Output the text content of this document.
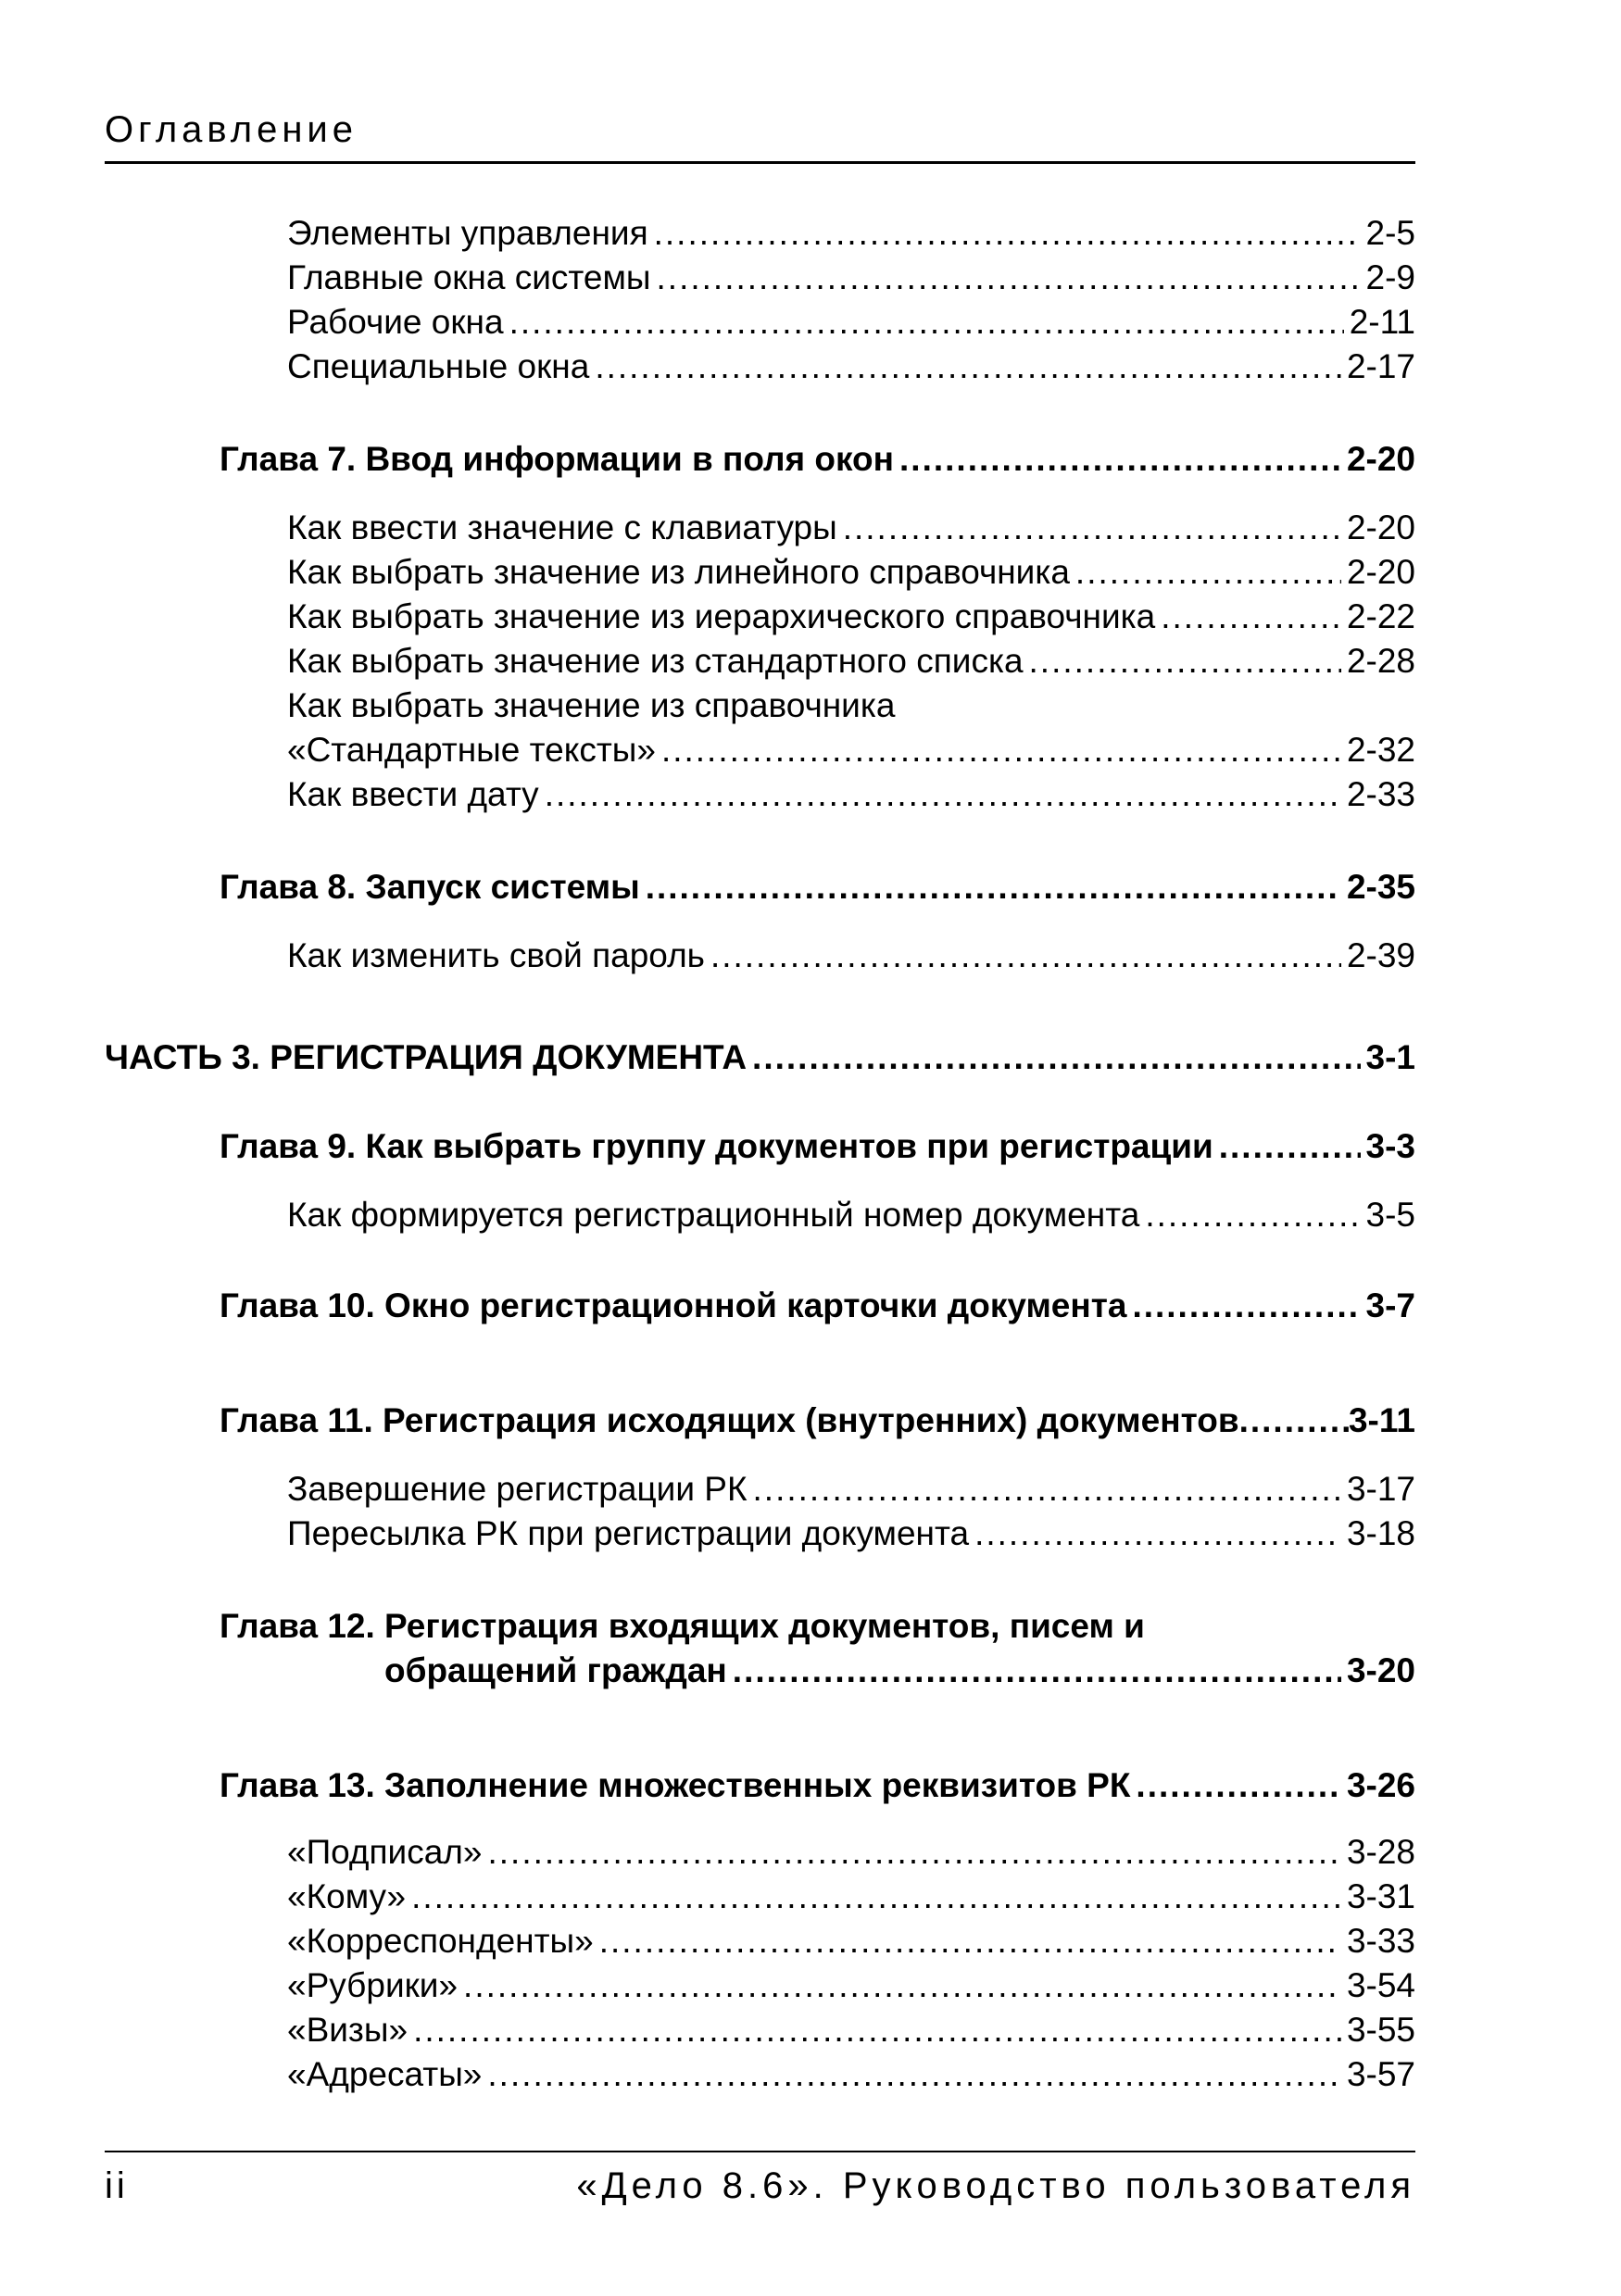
Оглавление
Элементы управления .....	2-5
Главные окна системы .....	2-9
Рабочие окна .....	2-11
Специальные окна .....	2-17
Глава 7. Ввод информации в поля окон .....	2-20
Как ввести значение с клавиатуры .....	2-20
Как выбрать значение из линейного справочника .....	2-20
Как выбрать значение из иерархического справочника .....	2-22
Как выбрать значение из стандартного списка .....	2-28
Как выбрать значение из справочника
«Стандартные тексты» .....	2-32
Как ввести дату .....	2-33
Глава 8. Запуск системы .....	2-35
Как изменить свой пароль .....	2-39
ЧАСТЬ 3. РЕГИСТРАЦИЯ ДОКУМЕНТА .....	3-1
Глава 9. Как выбрать группу документов при регистрации .....	3-3
Как формируется регистрационный номер документа .....	3-5
Глава 10. Окно регистрационной карточки документа .....	3-7
Глава 11. Регистрация исходящих (внутренних) документов .....	3-11
Завершение регистрации РК .....	3-17
Пересылка РК при регистрации документа .....	3-18
Глава 12. Регистрация входящих документов, писем и
обращений граждан .....	3-20
Глава 13. Заполнение множественных реквизитов РК .....	3-26
«Подписал» .....	3-28
«Кому» .....	3-31
«Корреспонденты» .....	3-33
«Рубрики» .....	3-54
«Визы» .....	3-55
«Адресаты» .....	3-57
ii	«Дело 8.6». Руководство пользователя
